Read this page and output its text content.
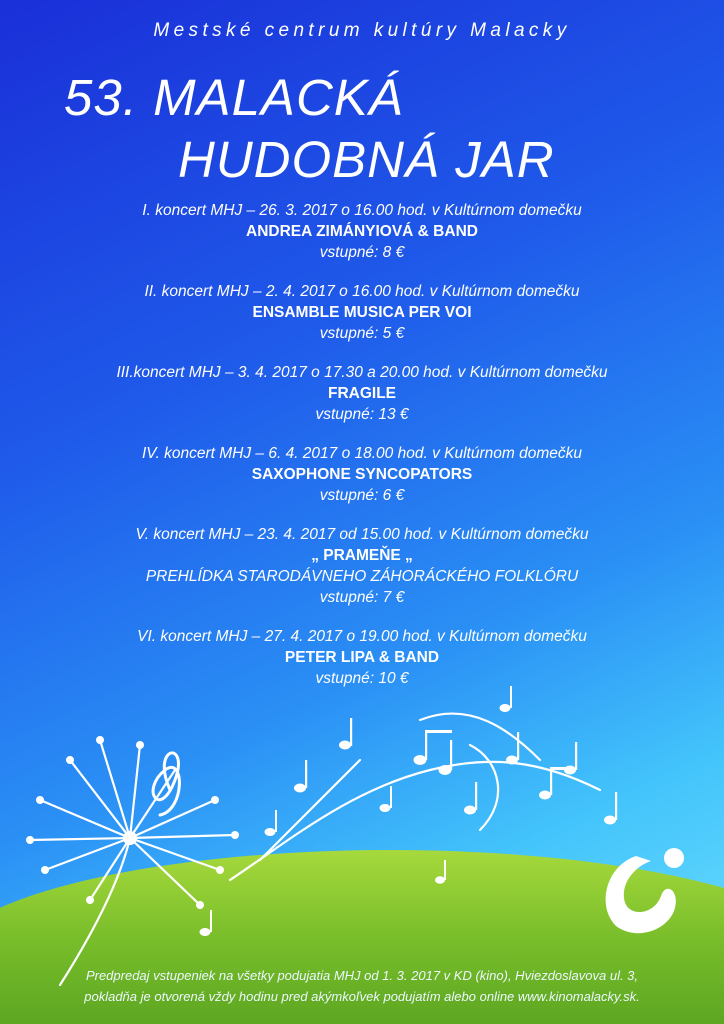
Mestské centrum kultúry Malacky
53. MALACKÁ
HUDOBNÁ JAR
I. koncert MHJ – 26. 3. 2017 o 16.00 hod. v Kultúrnom domečku
ANDREA ZIMÁNYIOVÁ & BAND
vstupné: 8 €
II. koncert MHJ – 2. 4. 2017 o 16.00 hod. v Kultúrnom domečku
ENSAMBLE MUSICA PER VOI
vstupné: 5 €
III.koncert MHJ – 3. 4. 2017 o 17.30 a 20.00 hod. v Kultúrnom domečku
FRAGILE
vstupné: 13 €
IV. koncert MHJ – 6. 4. 2017 o 18.00 hod. v Kultúrnom domečku
SAXOPHONE SYNCOPATORS
vstupné: 6 €
V. koncert MHJ – 23. 4. 2017 od 15.00 hod. v Kultúrnom domečku
„ PRAMEŇE „
PREHLÍDKA STARODÁVNEHO ZÁHORÁCKÉHO FOLKLÓRU
vstupné: 7 €
VI. koncert MHJ – 27. 4. 2017 o 19.00 hod. v Kultúrnom domečku
PETER LIPA & BAND
vstupné: 10 €
Predpredaj vstupeniek na všetky podujatia MHJ od 1. 3. 2017 v KD (kino), Hviezdoslavova ul. 3,
pokladňa je otvorená vždy hodinu pred akýmkoľvek podujatím alebo online www.kinomalacky.sk.
